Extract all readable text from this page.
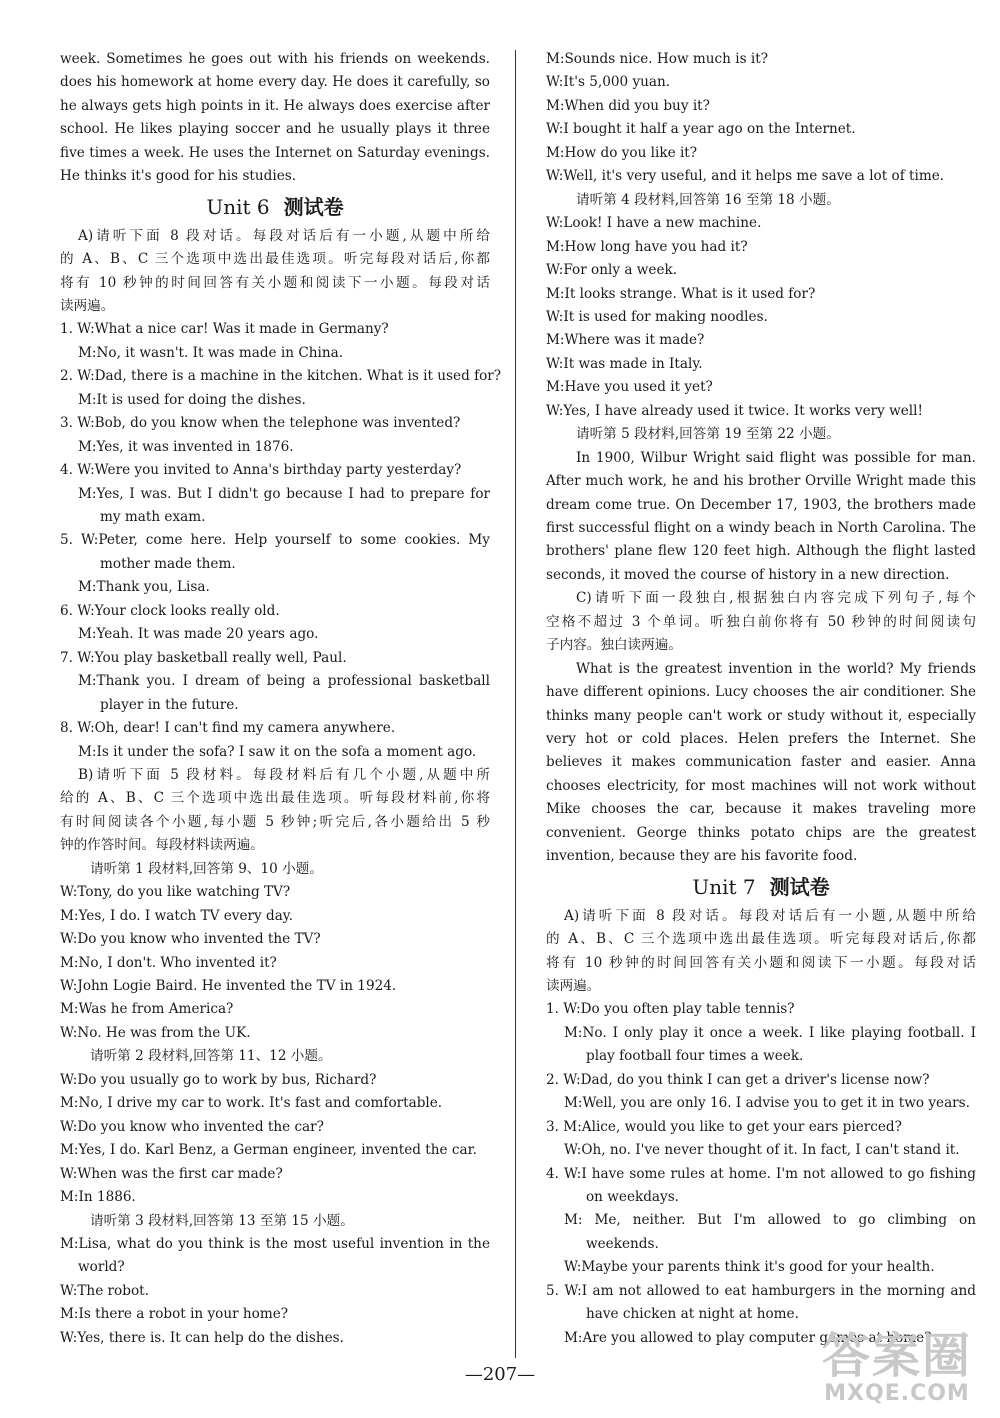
week. Sometimes he goes out with his friends on weekends.
does his homework at home every day. He does it carefully, so
he always gets high points in it. He always does exercise after
school. He likes playing soccer and he usually plays it three
five times a week. He uses the Internet on Saturday evenings.
He thinks it's good for his studies.
Unit 6 测试卷
A)请听下面 8 段对话。每段对话后有一小题,从题中所给
的 A、B、C 三个选项中选出最佳选项。听完每段对话后,你都
将有 10 秒钟的时间回答有关小题和阅读下一小题。每段对话
读两遍。
1. W:What a nice car! Was it made in Germany?
M:No, it wasn't. It was made in China.
2. W:Dad, there is a machine in the kitchen. What is it used for?
M:It is used for doing the dishes.
3. W:Bob, do you know when the telephone was invented?
M:Yes, it was invented in 1876.
4. W:Were you invited to Anna's birthday party yesterday?
M:Yes, I was. But I didn't go because I had to prepare for
my math exam.
5. W:Peter, come here. Help yourself to some cookies. My
mother made them.
M:Thank you, Lisa.
6. W:Your clock looks really old.
M:Yeah. It was made 20 years ago.
7. W:You play basketball really well, Paul.
M:Thank you. I dream of being a professional basketball
player in the future.
8. W:Oh, dear! I can't find my camera anywhere.
M:Is it under the sofa? I saw it on the sofa a moment ago.
B)请听下面 5 段材料。每段材料后有几个小题,从题中所
给的 A、B、C 三个选项中选出最佳选项。听每段材料前,你将
有时间阅读各个小题,每小题 5 秒钟;听完后,各小题给出 5 秒
钟的作答时间。每段材料读两遍。
请听第 1 段材料,回答第 9、10 小题。
W:Tony, do you like watching TV?
M:Yes, I do. I watch TV every day.
W:Do you know who invented the TV?
M:No, I don't. Who invented it?
W:John Logie Baird. He invented the TV in 1924.
M:Was he from America?
W:No. He was from the UK.
请听第 2 段材料,回答第 11、12 小题。
W:Do you usually go to work by bus, Richard?
M:No, I drive my car to work. It's fast and comfortable.
W:Do you know who invented the car?
M:Yes, I do. Karl Benz, a German engineer, invented the car.
W:When was the first car made?
M:In 1886.
请听第 3 段材料,回答第 13 至第 15 小题。
M:Lisa, what do you think is the most useful invention in the
world?
W:The robot.
M:Is there a robot in your home?
W:Yes, there is. It can help do the dishes.
M:Sounds nice. How much is it?
W:It's 5,000 yuan.
M:When did you buy it?
W:I bought it half a year ago on the Internet.
M:How do you like it?
W:Well, it's very useful, and it helps me save a lot of time.
请听第 4 段材料,回答第 16 至第 18 小题。
W:Look! I have a new machine.
M:How long have you had it?
W:For only a week.
M:It looks strange. What is it used for?
W:It is used for making noodles.
M:Where was it made?
W:It was made in Italy.
M:Have you used it yet?
W:Yes, I have already used it twice. It works very well!
请听第 5 段材料,回答第 19 至第 22 小题。
In 1900, Wilbur Wright said flight was possible for man.
After much work, he and his brother Orville Wright made this
dream come true. On December 17, 1903, the brothers made
first successful flight on a windy beach in North Carolina. The
brothers' plane flew 120 feet high. Although the flight lasted
seconds, it moved the course of history in a new direction.
C)请听下面一段独白,根据独白内容完成下列句子,每个
空格不超过 3 个单词。听独白前你将有 50 秒钟的时间阅读句
子内容。独白读两遍。
What is the greatest invention in the world? My friends
have different opinions. Lucy chooses the air conditioner. She
thinks many people can't work or study without it, especially
very hot or cold places. Helen prefers the Internet. She
believes it makes communication faster and easier. Anna
chooses electricity, for most machines will not work without
Mike chooses the car, because it makes traveling more
convenient. George thinks potato chips are the greatest
invention, because they are his favorite food.
Unit 7 测试卷
A)请听下面 8 段对话。每段对话后有一小题,从题中所给
的 A、B、C 三个选项中选出最佳选项。听完每段对话后,你都
将有 10 秒钟的时间回答有关小题和阅读下一小题。每段对话
读两遍。
1. W:Do you often play table tennis?
M:No. I only play it once a week. I like playing football. I
play football four times a week.
2. W:Dad, do you think I can get a driver's license now?
M:Well, you are only 16. I advise you to get it in two years.
3. M:Alice, would you like to get your ears pierced?
W:Oh, no. I've never thought of it. In fact, I can't stand it.
4. W:I have some rules at home. I'm not allowed to go fishing
on weekdays.
M: Me, neither. But I'm allowed to go climbing on
weekends.
W:Maybe your parents think it's good for your health.
5. W:I am not allowed to eat hamburgers in the morning and
have chicken at night at home.
M:Are you allowed to play computer games at home?
—207—	答案圈
MXQE.COM
